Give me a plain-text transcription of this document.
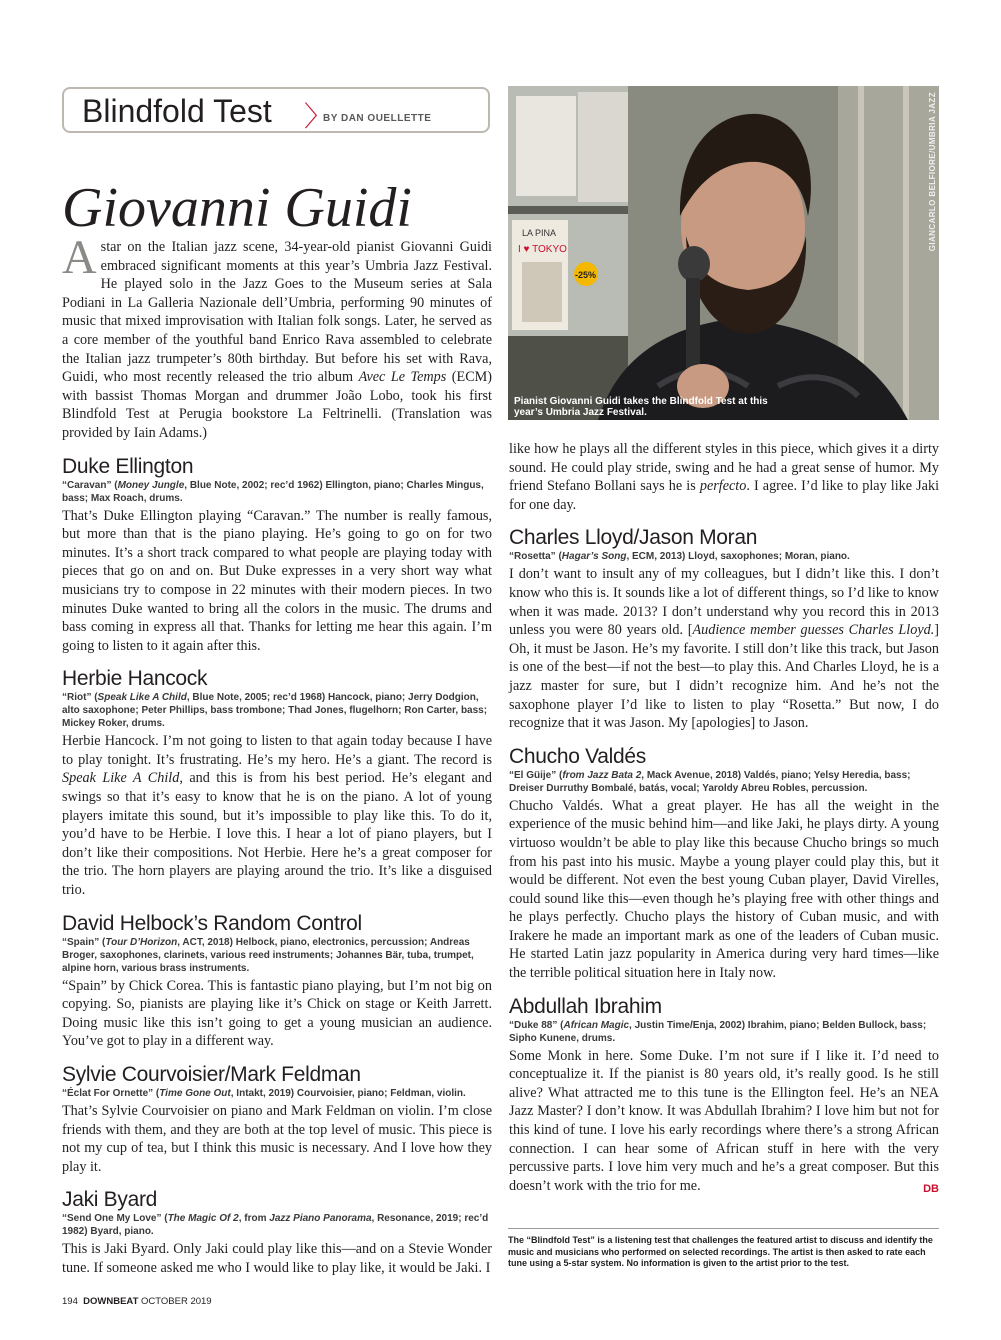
Blindfold Test 〉
BY DAN OUELLETTE
Giovanni Guidi	LA PINA
I ♥ TOKYO
-25%
GIANCARLO BELFIORE/UMBRIA JAZZ
Pianist Giovanni Guidi takes the Blindfold Test at this year’s Umbria Jazz Festival.

A star on the Italian jazz scene, 34-year-old pianist Giovanni Guidi embraced significant moments at this year’s Umbria Jazz Festival. He played solo in the Jazz Goes to the Museum series at Sala Podiani in La Galleria Nazionale dell’Umbria, performing 90 minutes of music that mixed improvisation with Italian folk songs. Later, he served as a core member of the youthful band Enrico Rava assembled to celebrate the Italian jazz trumpeter’s 80th birthday. But before his set with Rava, Guidi, who most recently released the trio album Avec Le Temps (ECM) with bassist Thomas Morgan and drummer João Lobo, took his first Blindfold Test at Perugia bookstore La Feltrinelli. (Translation was provided by Iain Adams.)

Duke Ellington

“Caravan” (Money Jungle, Blue Note, 2002; rec’d 1962) Ellington, piano; Charles Mingus, bass; Max Roach, drums.

That’s Duke Ellington playing “Caravan.” The number is really famous, but more than that is the piano playing. He’s going to go on for two minutes. It’s a short track compared to what people are playing today with pieces that go on and on. But Duke expresses in a very short way what musicians try to compose in 22 minutes with their modern pieces. In two minutes Duke wanted to bring all the colors in the music. The drums and bass coming in express all that. Thanks for letting me hear this again. I’m going to listen to it again after this.

Herbie Hancock

“Riot” (Speak Like A Child, Blue Note, 2005; rec’d 1968) Hancock, piano; Jerry Dodgion, alto saxophone; Peter Phillips, bass trombone; Thad Jones, flugelhorn; Ron Carter, bass; Mickey Roker, drums.

Herbie Hancock. I’m not going to listen to that again today because I have to play tonight. It’s frustrating. He’s my hero. He’s a giant. The record is Speak Like A Child, and this is from his best period. He’s elegant and swings so that it’s easy to know that he is on the piano. A lot of young players imitate this sound, but it’s impossible to play like this. To do it, you’d have to be Herbie. I love this. I hear a lot of piano players, but I don’t like their compositions. Not Herbie. Here he’s a great composer for the trio. The horn players are playing around the trio. It’s like a disguised trio.

David Helbock’s Random Control

“Spain” (Tour D’Horizon, ACT, 2018) Helbock, piano, electronics, percussion; Andreas Broger, saxophones, clarinets, various reed instruments; Johannes Bär, tuba, trumpet, alpine horn, various brass instruments.

“Spain” by Chick Corea. This is fantastic piano playing, but I’m not big on copying. So, pianists are playing like it’s Chick on stage or Keith Jarrett. Doing music like this isn’t going to get a young musician an audience. You’ve got to play in a different way.

Sylvie Courvoisier/Mark Feldman

“Éclat For Ornette” (Time Gone Out, Intakt, 2019) Courvoisier, piano; Feldman, violin.

That’s Sylvie Courvoisier on piano and Mark Feldman on violin. I’m close friends with them, and they are both at the top level of music. This piece is not my cup of tea, but I think this music is necessary. And I love how they play it.

Jaki Byard

“Send One My Love” (The Magic Of 2, from Jazz Piano Panorama, Resonance, 2019; rec’d 1982) Byard, piano.

This is Jaki Byard. Only Jaki could play like this—and on a Stevie Wonder tune. If someone asked me who I would like to play like, it would be Jaki. I

like how he plays all the different styles in this piece, which gives it a dirty sound. He could play stride, swing and he had a great sense of humor. My friend Stefano Bollani says he is perfecto. I agree. I’d like to play like Jaki for one day.

Charles Lloyd/Jason Moran

“Rosetta” (Hagar’s Song, ECM, 2013) Lloyd, saxophones; Moran, piano.

I don’t want to insult any of my colleagues, but I didn’t like this. I don’t know who this is. It sounds like a lot of different things, so I’d like to know when it was made. 2013? I don’t understand why you record this in 2013 unless you were 80 years old. [Audience member guesses Charles Lloyd.] Oh, it must be Jason. He’s my favorite. I still don’t like this track, but Jason is one of the best—if not the best—to play this. And Charles Lloyd, he is a jazz master for sure, but I didn’t recognize him. And he’s not the saxophone player I’d like to listen to play “Rosetta.” But now, I do recognize that it was Jason. My [apologies] to Jason.

Chucho Valdés

“El Güije” (from Jazz Bata 2, Mack Avenue, 2018) Valdés, piano; Yelsy Heredia, bass; Dreiser Durruthy Bombalé, batás, vocal; Yaroldy Abreu Robles, percussion.

Chucho Valdés. What a great player. He has all the weight in the experience of the music behind him—and like Jaki, he plays dirty. A young virtuoso wouldn’t be able to play like this because Chucho brings so much from his past into his music. Maybe a young player could play this, but it would be different. Not even the best young Cuban player, David Virelles, could sound like this—even though he’s playing free with other things and he plays perfectly. Chucho plays the history of Cuban music, and with Irakere he made an important mark as one of the leaders of Cuban music. He started Latin jazz popularity in America during very hard times—like the terrible political situation here in Italy now.

Abdullah Ibrahim

“Duke 88” (African Magic, Justin Time/Enja, 2002) Ibrahim, piano; Belden Bullock, bass; Sipho Kunene, drums.

Some Monk in here. Some Duke. I’m not sure if I like it. I’d need to conceptualize it. If the pianist is 80 years old, it’s really good. Is he still alive? What attracted me to this tune is the Ellington feel. He’s an NEA Jazz Master? I don’t know. It was Abdullah Ibrahim? I love him but not for this kind of tune. I love his early recordings where there’s a strong African connection. I can hear some of African stuff in here with the very percussive parts. I love him very much and he’s a great composer. But this doesn’t work with the trio for me.	DB

The “Blindfold Test” is a listening test that challenges the featured artist to discuss and identify the music and musicians who performed on selected recordings. The artist is then asked to rate each tune using a 5-star system. No information is given to the artist prior to the test.
194 DOWNBEAT OCTOBER 2019
